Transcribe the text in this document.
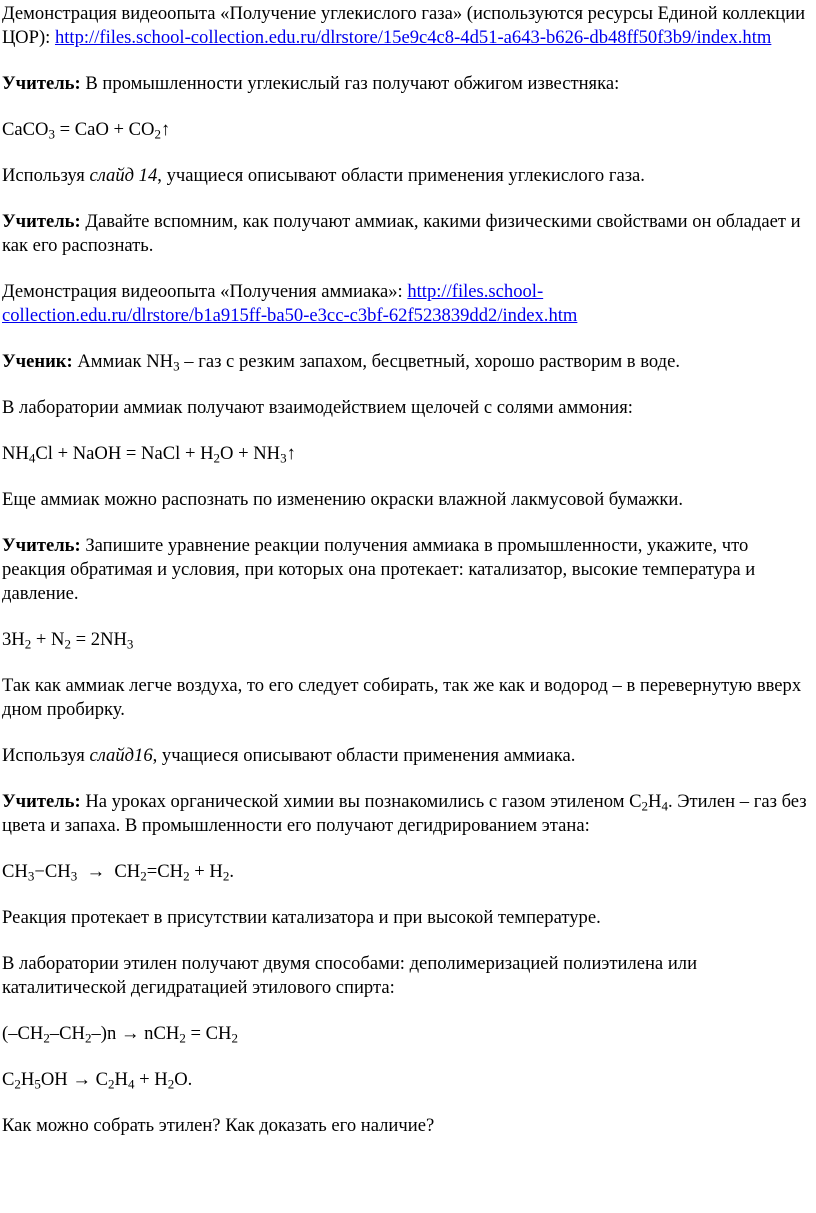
Демонстрация видеоопыта «Получение углекислого газа» (используются ресурсы Единой коллекции ЦОР): http://files.school-collection.edu.ru/dlrstore/15e9c4c8-4d51-a643-b626-db48ff50f3b9/index.htm

Учитель: В промышленности углекислый газ получают обжигом известняка:

CaCO$_3$ = CaO + $CO_2↑$

Используя слайд 14, учащиеся описывают области применения углекислого газа.

Учитель: Давайте вспомним, как получают аммиак, какими физическими свойствами он обладает и как его распознать.

Демонстрация видеоопыта «Получения аммиака»: http://files.school-collection.edu.ru/dlrstore/b1a915ff-ba50-e3cc-c3bf-62f523839dd2/index.htm

Ученик: Аммиак $NH_3$ – газ с резким запахом, бесцветный, хорошо растворим в воде.

В лаборатории аммиак получают взаимодействием щелочей с солями аммония:

$NH_4Cl$ + NaOH = NaCl + $H_2O$ + $NH_3↑$

Еще аммиак можно распознать по изменению окраски влажной лакмусовой бумажки.

Учитель: Запишите уравнение реакции получения аммиака в промышленности, укажите, что реакция обратимая и условия, при которых она протекает: катализатор, высокие температура и давление.

$3H_2 + N_2 = 2NH_3$

Так как аммиак легче воздуха, то его следует собирать, так же как и водород – в перевернутую вверх дном пробирку.

Используя слайд16, учащиеся описывают области применения аммиака.

Учитель: На уроках органической химии вы познакомились с газом этиленом $C_2H_4$. Этилен – газ без цвета и запаха. В промышленности его получают дегидрированием этана:

$CH_3-CH_3 \to CH_2=CH_2 + H_2$.

Реакция протекает в присутствии катализатора и при высокой температуре.

В лаборатории этилен получают двумя способами: деполимеризацией полиэтилена или каталитической дегидратацией этилового спирта:

$(-CH_2-CH_2-)n \to nCH_2 = CH_2$

$C_2H_5OH \to C_2H_4 + H_2O$.

Как можно собрать этилен? Как доказать его наличие?
